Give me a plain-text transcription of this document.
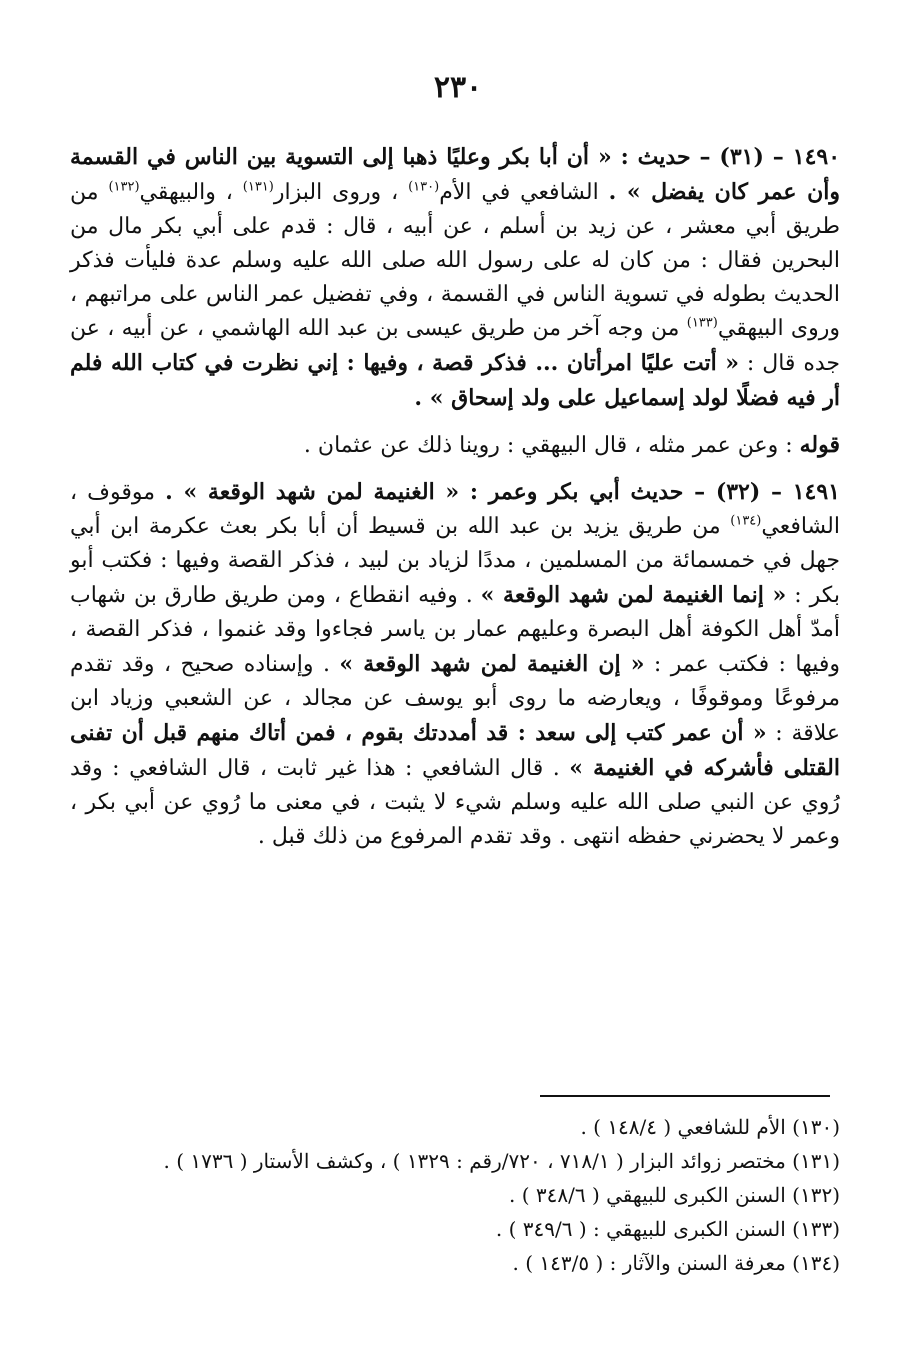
٢٣٠

١٤٩٠ – (٣١) – حديث : « أن أبا بكر وعليًا ذهبا إلى التسوية بين الناس في القسمة وأن عمر كان يفضل » . الشافعي في الأم$^{(١٣٠)}$ ، وروى البزار$^{(١٣١)}$ ، والبيهقي$^{(١٣٢)}$ من طريق أبي معشر ، عن زيد بن أسلم ، عن أبيه ، قال : قدم على أبي بكر مال من البحرين فقال : من كان له على رسول الله صلى الله عليه وسلم عدة فليأت فذكر الحديث بطوله في تسوية الناس في القسمة ، وفي تفضيل عمر الناس على مراتبهم ، وروى البيهقي$^{(١٣٣)}$ من وجه آخر من طريق عيسى بن عبد الله الهاشمي ، عن أبيه ، عن جده قال : « أتت عليًا امرأتان ... فذكر قصة ، وفيها : إني نظرت في كتاب الله فلم أر فيه فضلًا لولد إسماعيل على ولد إسحاق » .

قوله : وعن عمر مثله ، قال البيهقي : روينا ذلك عن عثمان .

١٤٩١ – (٣٢) – حديث أبي بكر وعمر : « الغنيمة لمن شهد الوقعة » . موقوف ، الشافعي$^{(١٣٤)}$ من طريق يزيد بن عبد الله بن قسيط أن أبا بكر بعث عكرمة ابن أبي جهل في خمسمائة من المسلمين ، مددًا لزياد بن لبيد ، فذكر القصة وفيها : فكتب أبو بكر : « إنما الغنيمة لمن شهد الوقعة » . وفيه انقطاع ، ومن طريق طارق بن شهاب أمدّ أهل الكوفة أهل البصرة وعليهم عمار بن ياسر فجاءوا وقد غنموا ، فذكر القصة ، وفيها : فكتب عمر : « إن الغنيمة لمن شهد الوقعة » . وإسناده صحيح ، وقد تقدم مرفوعًا وموقوفًا ، ويعارضه ما روى أبو يوسف عن مجالد ، عن الشعبي وزياد ابن علاقة : « أن عمر كتب إلى سعد : قد أمددتك بقوم ، فمن أتاك منهم قبل أن تفنى القتلى فأشركه في الغنيمة » . قال الشافعي : هذا غير ثابت ، قال الشافعي : وقد رُوي عن النبي صلى الله عليه وسلم شيء لا يثبت ، في معنى ما رُوي عن أبي بكر ، وعمر لا يحضرني حفظه انتهى . وقد تقدم المرفوع من ذلك قبل .

(١٣٠) الأم للشافعي ( ١٤٨/٤ ) .
(١٣١) مختصر زوائد البزار ( ٧١٨/١ ، ٧٢٠/رقم : ١٣٢٩ ) ، وكشف الأستار ( ١٧٣٦ ) .
(١٣٢) السنن الكبرى للبيهقي ( ٣٤٨/٦ ) .
(١٣٣) السنن الكبرى للبيهقي : ( ٣٤٩/٦ ) .
(١٣٤) معرفة السنن والآثار : ( ١٤٣/٥ ) .
